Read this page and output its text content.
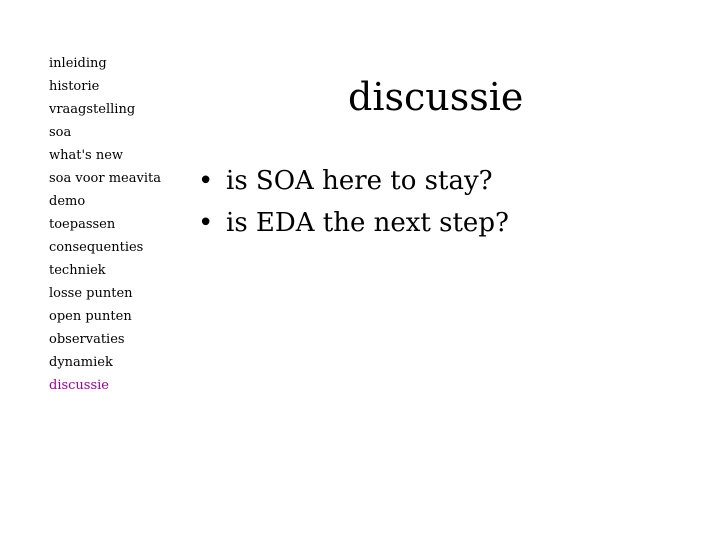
inleiding
historie
vraagstelling
soa
what's new
soa voor meavita
demo
toepassen
consequenties
techniek
losse punten
open punten
observaties
dynamiek
discussie
discussie
• is SOA here to stay?
• is EDA the next step?
